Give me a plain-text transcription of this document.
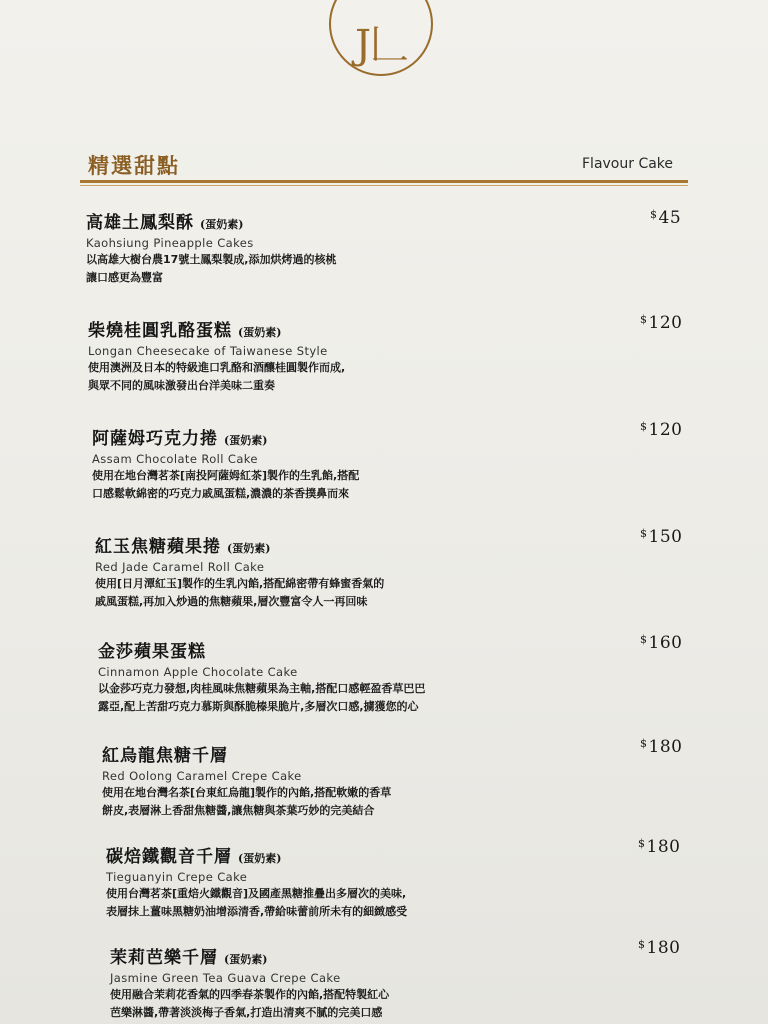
J𠃊
精選甜點	Flavour Cake
高雄土鳳梨酥 (蛋奶素)
Kaohsiung Pineapple Cakes
以高雄大樹台農17號土鳳梨製成,添加烘烤過的核桃
讓口感更為豐富
$45
柴燒桂圓乳酪蛋糕 (蛋奶素)
Longan Cheesecake of Taiwanese Style
使用澳洲及日本的特級進口乳酪和酒釀桂圓製作而成,
與眾不同的風味激發出台洋美味二重奏
$120
阿薩姆巧克力捲 (蛋奶素)
Assam Chocolate Roll Cake
使用在地台灣茗茶[南投阿薩姆紅茶]製作的生乳餡,搭配
口感鬆軟綿密的巧克力戚風蛋糕,濃濃的茶香撲鼻而來
$120
紅玉焦糖蘋果捲 (蛋奶素)
Red Jade Caramel Roll Cake
使用[日月潭紅玉]製作的生乳內餡,搭配綿密帶有蜂蜜香氣的
戚風蛋糕,再加入炒過的焦糖蘋果,層次豐富令人一再回味
$150
金莎蘋果蛋糕
Cinnamon Apple Chocolate Cake
以金莎巧克力發想,肉桂風味焦糖蘋果為主軸,搭配口感輕盈香草巴巴
露亞,配上苦甜巧克力慕斯與酥脆榛果脆片,多層次口感,擄獲您的心
$160
紅烏龍焦糖千層
Red Oolong Caramel Crepe Cake
使用在地台灣名茶[台東紅烏龍]製作的內餡,搭配軟嫩的香草
餅皮,表層淋上香甜焦糖醬,讓焦糖與茶葉巧妙的完美結合
$180
碳焙鐵觀音千層 (蛋奶素)
Tieguanyin Crepe Cake
使用台灣茗茶[重焙火鐵觀音]及國產黑糖推疊出多層次的美味,
表層抹上薑味黑糖奶油增添清香,帶給味蕾前所未有的細緻感受
$180
茉莉芭樂千層 (蛋奶素)
Jasmine Green Tea Guava Crepe Cake
使用融合茉莉花香氣的四季春茶製作的內餡,搭配特製紅心
芭樂淋醬,帶著淡淡梅子香氣,打造出清爽不膩的完美口感
$180
